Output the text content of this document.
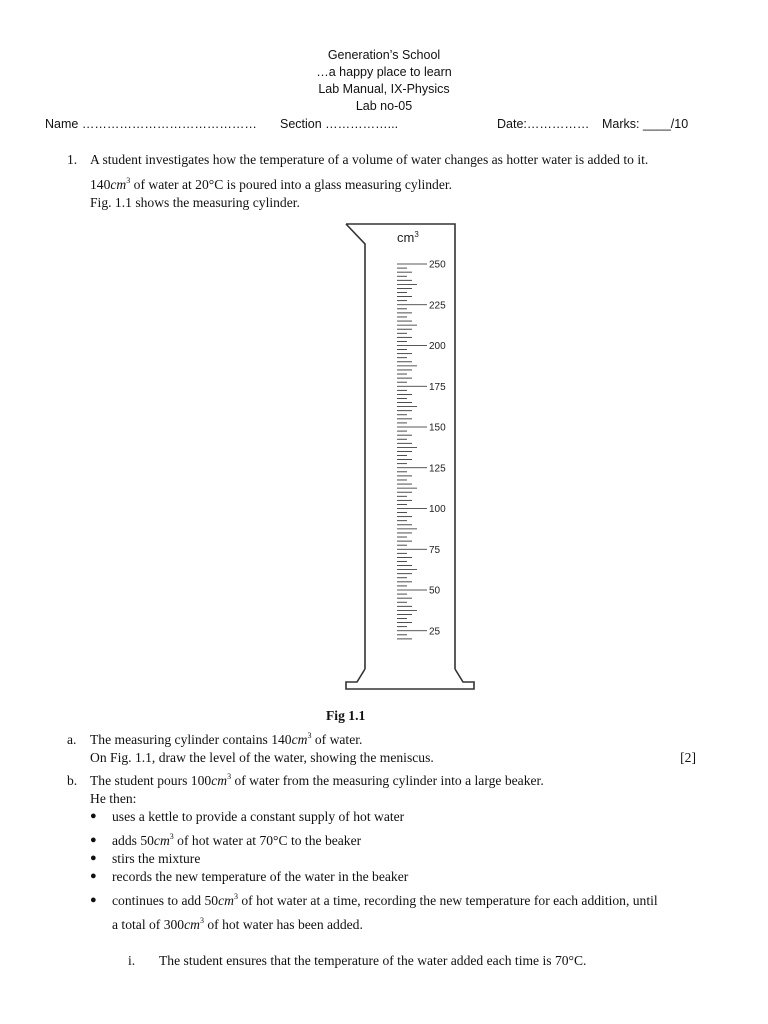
Generation’s School
…a happy place to learn
Lab Manual, IX-Physics
Lab no-05
Name …………………………………… Section ……………...	Date:…………… Marks: ____/10
1. A student investigates how the temperature of a volume of water changes as hotter water is added to it.
$140cm^3$ of water at 20°C is poured into a glass measuring cylinder.
Fig. 1.1 shows the measuring cylinder.
250
225
200
175
150
125
100
75
50
25
$cm^3$
Fig 1.1
a. The measuring cylinder contains $140cm^3$ of water.
On Fig. 1.1, draw the level of the water, showing the meniscus.	[2]
b. The student pours $100cm^3$ of water from the measuring cylinder into a large beaker.
He then:
● uses a kettle to provide a constant supply of hot water
● adds $50cm^3$ of hot water at 70°C to the beaker
● stirs the mixture
● records the new temperature of the water in the beaker
● continues to add $50cm^3$ of hot water at a time, recording the new temperature for each addition, until
a total of $300cm^3$ of hot water has been added.
i. The student ensures that the temperature of the water added each time is 70°C.
